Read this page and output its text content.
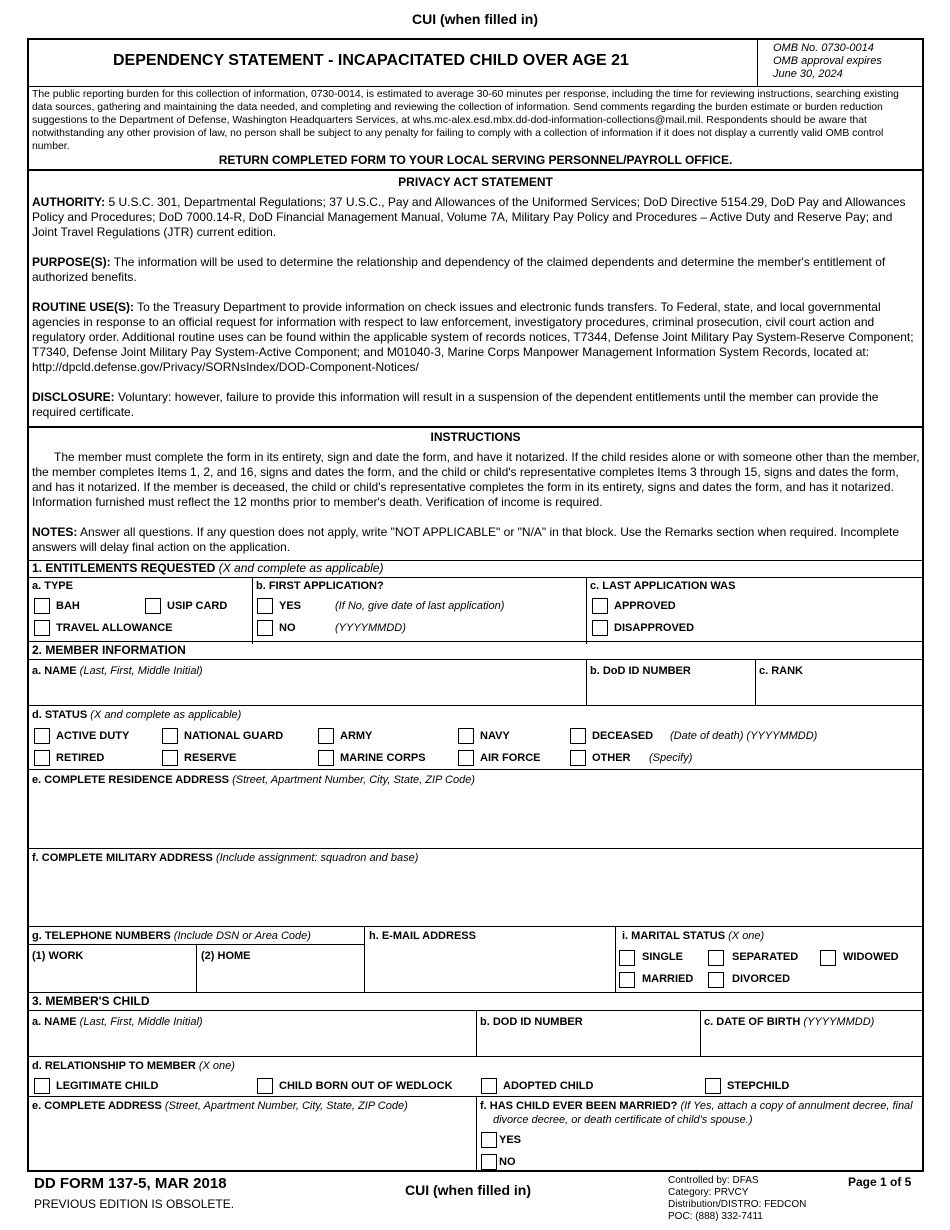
CUI (when filled in)
DEPENDENCY STATEMENT - INCAPACITATED CHILD OVER AGE 21
OMB No. 0730-0014
OMB approval expires
June 30, 2024
The public reporting burden for this collection of information, 0730-0014, is estimated to average 30-60 minutes per response, including the time for reviewing instructions, searching existing data sources, gathering and maintaining the data needed, and completing and reviewing the collection of information. Send comments regarding the burden estimate or burden reduction suggestions to the Department of Defense, Washington Headquarters Services, at whs.mc-alex.esd.mbx.dd-dod-information-collections@mail.mil. Respondents should be aware that notwithstanding any other provision of law, no person shall be subject to any penalty for failing to comply with a collection of information if it does not display a currently valid OMB control number.
RETURN COMPLETED FORM TO YOUR LOCAL SERVING PERSONNEL/PAYROLL OFFICE.
PRIVACY ACT STATEMENT
AUTHORITY: 5 U.S.C. 301, Departmental Regulations; 37 U.S.C., Pay and Allowances of the Uniformed Services; DoD Directive 5154.29, DoD Pay and Allowances Policy and Procedures; DoD 7000.14-R, DoD Financial Management Manual, Volume 7A, Military Pay Policy and Procedures – Active Duty and Reserve Pay; and Joint Travel Regulations (JTR) current edition.
PURPOSE(S): The information will be used to determine the relationship and dependency of the claimed dependents and determine the member's entitlement of authorized benefits.
ROUTINE USE(S): To the Treasury Department to provide information on check issues and electronic funds transfers. To Federal, state, and local governmental agencies in response to an official request for information with respect to law enforcement, investigatory procedures, criminal prosecution, civil court action and regulatory order. Additional routine uses can be found within the applicable system of records notices, T7344, Defense Joint Military Pay System-Reserve Component; T7340, Defense Joint Military Pay System-Active Component; and M01040-3, Marine Corps Manpower Management Information System Records, located at: http://dpcld.defense.gov/Privacy/SORNsIndex/DOD-Component-Notices/
DISCLOSURE: Voluntary: however, failure to provide this information will result in a suspension of the dependent entitlements until the member can provide the required certificate.
INSTRUCTIONS
The member must complete the form in its entirety, sign and date the form, and have it notarized. If the child resides alone or with someone other than the member, the member completes Items 1, 2, and 16, signs and dates the form, and the child or child's representative completes Items 3 through 15, signs and dates the form, and has it notarized. If the member is deceased, the child or child's representative completes the form in its entirety, signs and dates the form, and has it notarized. Information furnished must reflect the 12 months prior to member's death. Verification of income is required.
NOTES: Answer all questions. If any question does not apply, write "NOT APPLICABLE" or "N/A" in that block. Use the Remarks section when required. Incomplete answers will delay final action on the application.
1. ENTITLEMENTS REQUESTED (X and complete as applicable)
a. TYPE
BAH	USIP CARD
TRAVEL ALLOWANCE
b. FIRST APPLICATION?
YES	(If No, give date of last application)
NO	(YYYYMMDD)
c. LAST APPLICATION WAS
APPROVED
DISAPPROVED
2. MEMBER INFORMATION
a. NAME (Last, First, Middle Initial)	b. DoD ID NUMBER	c. RANK
d. STATUS (X and complete as applicable)
ACTIVE DUTY	NATIONAL GUARD	ARMY	NAVY	DECEASED (Date of death) (YYYYMMDD)
RETIRED	RESERVE	MARINE CORPS	AIR FORCE	OTHER (Specify)
e. COMPLETE RESIDENCE ADDRESS (Street, Apartment Number, City, State, ZIP Code)
f. COMPLETE MILITARY ADDRESS (Include assignment: squadron and base)
g. TELEPHONE NUMBERS (Include DSN or Area Code)
(1) WORK	(2) HOME
h. E-MAIL ADDRESS	i. MARITAL STATUS (X one)
SINGLE	SEPARATED	WIDOWED
MARRIED	DIVORCED
3. MEMBER'S CHILD
a. NAME (Last, First, Middle Initial)	b. DOD ID NUMBER	c. DATE OF BIRTH (YYYYMMDD)
d. RELATIONSHIP TO MEMBER (X one)
LEGITIMATE CHILD	CHILD BORN OUT OF WEDLOCK	ADOPTED CHILD	STEPCHILD
e. COMPLETE ADDRESS (Street, Apartment Number, City, State, ZIP Code)	f. HAS CHILD EVER BEEN MARRIED? (If Yes, attach a copy of annulment decree, final
divorce decree, or death certificate of child's spouse.)
YES
NO
DD FORM 137-5, MAR 2018
PREVIOUS EDITION IS OBSOLETE.
CUI (when filled in)
Controlled by: DFAS
Category: PRVCY
Distribution/DISTRO: FEDCON
POC: (888) 332-7411
Page 1 of 5
